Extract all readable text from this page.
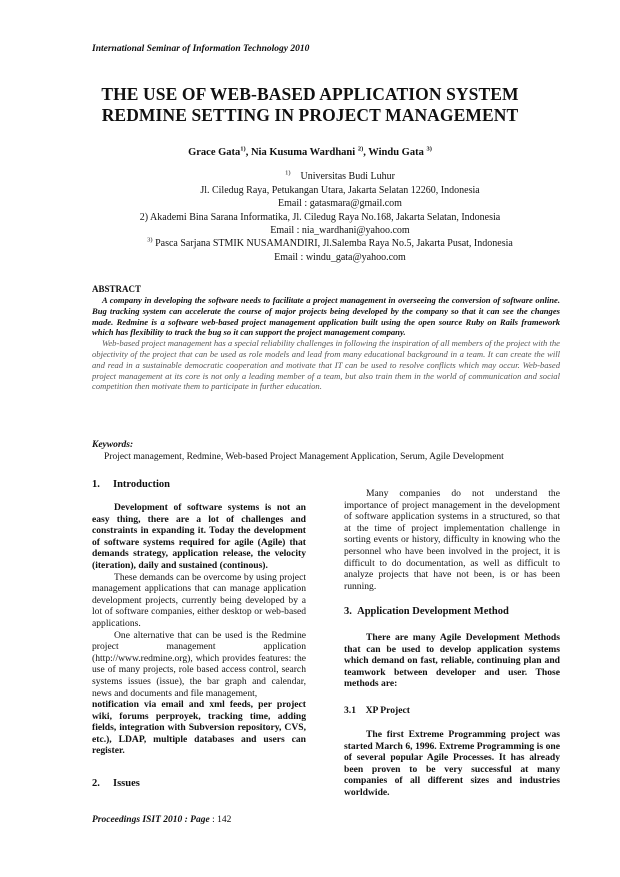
International Seminar of Information Technology 2010
THE USE OF WEB-BASED APPLICATION SYSTEM
REDMINE SETTING IN PROJECT MANAGEMENT
Grace Gata$^{1)}$, Nia Kusuma Wardhani $^{2)}$, Windu Gata $^{3)}$
$^{1)}$ Universitas Budi Luhur
Jl. Ciledug Raya, Petukangan Utara, Jakarta Selatan 12260, Indonesia
Email : gatasmara@gmail.com
2) Akademi Bina Sarana Informatika, Jl. Ciledug Raya No.168, Jakarta Selatan, Indonesia
Email : nia_wardhani@yahoo.com
$^{3)}$ Pasca Sarjana STMIK NUSAMANDIRI, Jl.Salemba Raya No.5, Jakarta Pusat, Indonesia
Email : windu_gata@yahoo.com
ABSTRACT

A company in developing the software needs to facilitate a project management in overseeing the conversion of software online. Bug tracking system can accelerate the course of major projects being developed by the company so that it can see the changes made. Redmine is a software web-based project management application built using the open source Ruby on Rails framework which has flexibility to track the bug so it can support the project management company.

Web-based project management has a special reliability challenges in following the inspiration of all members of the project with the objectivity of the project that can be used as role models and lead from many educational background in a team. It can create the will and read in a sustainable democratic cooperation and motivate that IT can be used to resolve conflicts which may occur. Web-based project management at its core is not only a leading member of a team, but also train them in the world of communication and social competition then motivate them to participate in further education.

Keywords:
Project management, Redmine, Web-based Project Management Application, Serum, Agile Development
1. Introduction

Development of software systems is not an easy thing, there are a lot of challenges and constraints in expanding it. Today the development of software systems required for agile (Agile) that demands strategy, application release, the velocity (iteration), daily and sustained (continous).

These demands can be overcome by using project management applications that can manage application development projects, currently being developed by a lot of software companies, either desktop or web-based applications.

One alternative that can be used is the Redmine project management application (http://www.redmine.org), which provides features: the use of many projects, role based access control, search systems issues (issue), the bar graph and calendar, news and documents and file management,

notification via email and xml feeds, per project wiki, forums perproyek, tracking time, adding fields, integration with Subversion repository, CVS, etc.), LDAP, multiple databases and users can register.

2. Issues

Many companies do not understand the importance of project management in the development of software application systems in a structured, so that at the time of project implementation challenge in sorting events or history, difficulty in knowing who the personnel who have been involved in the project, it is difficult to do documentation, as well as difficult to analyze projects that have not been, is or has been running.

3. Application Development Method

There are many Agile Development Methods that can be used to develop application systems which demand on fast, reliable, continuing plan and teamwork between developer and user. Those methods are:

3.1 XP Project

The first Extreme Programming project was started March 6, 1996. Extreme Programming is one of several popular Agile Processes. It has already been proven to be very successful at many companies of all different sizes and industries worldwide.

Proceedings ISIT 2010 : Page : 142
